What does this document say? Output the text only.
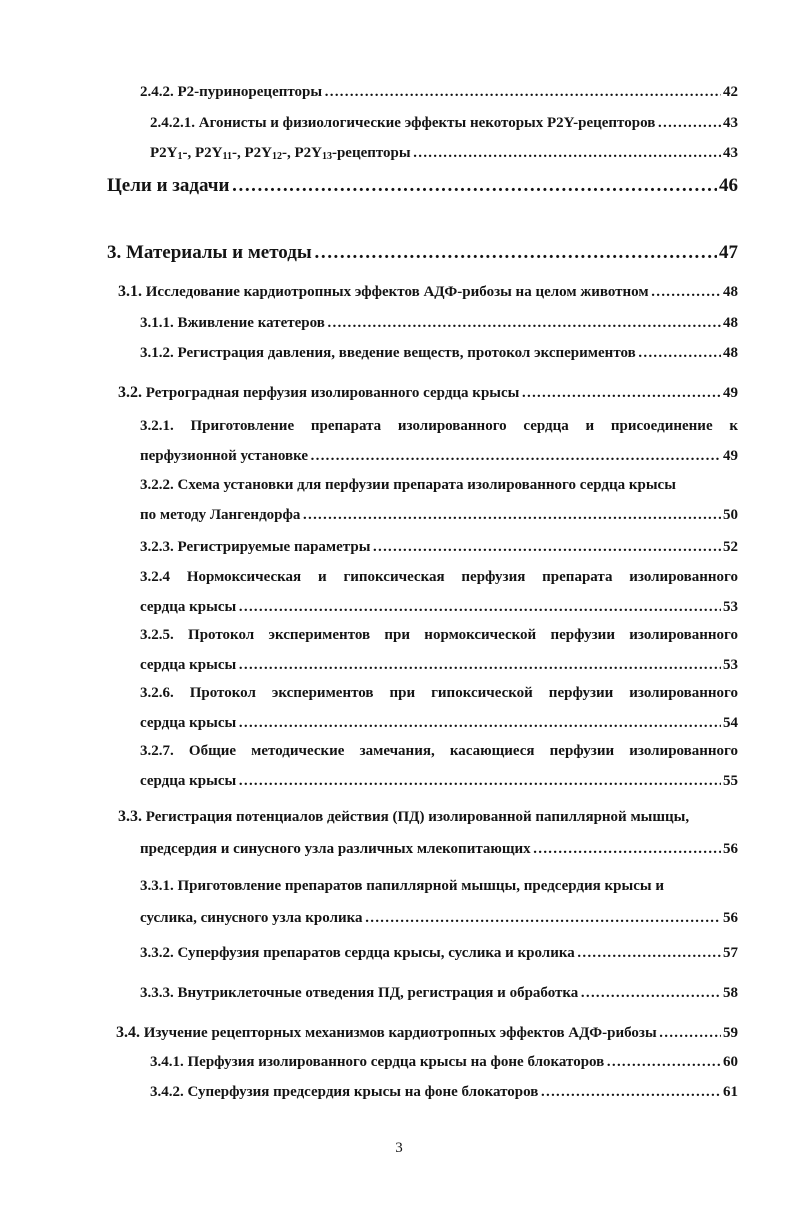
2.4.2. P2-пуринорецепторы ……………………………………………………………………………………………………………………………………………………………………………………	42
2.4.2.1. Агонисты и физиологические эффекты некоторых P2Y-рецепторов ……………………………………………………………………………………………………………………………………………………………………………………	43
$P2Y_1-$, $P2Y_{11}-$, $P2Y_{12}-$, $P2Y_{13}$-рецепторы ……………………………………………………………………………………………………………………………………………………………………………………	43
Цели и задачи ……………………………………………………………………………………………………………………………………………………………………………………	46
3. Материалы и методы ……………………………………………………………………………………………………………………………………………………………………………………	47
3.1. Исследование кардиотропных эффектов АДФ-рибозы на целом животном ……………………………………………………………………………………………………………………………………………………………………………………	48
3.1.1. Вживление катетеров ……………………………………………………………………………………………………………………………………………………………………………………	48
3.1.2. Регистрация давления, введение веществ, протокол экспериментов ……………………………………………………………………………………………………………………………………………………………………………………	48
3.2. Ретроградная перфузия изолированного сердца крысы ……………………………………………………………………………………………………………………………………………………………………………………	49
3.2.1. Приготовление препарата изолированного сердца и присоединение к
перфузионной установке ……………………………………………………………………………………………………………………………………………………………………………………	49
3.2.2. Схема установки для перфузии препарата изолированного сердца крысы
по методу Лангендорфа ……………………………………………………………………………………………………………………………………………………………………………………	50
3.2.3. Регистрируемые параметры ……………………………………………………………………………………………………………………………………………………………………………………	52
3.2.4 Нормоксическая и гипоксическая перфузия препарата изолированного
сердца крысы ……………………………………………………………………………………………………………………………………………………………………………………	53
3.2.5. Протокол экспериментов при нормоксической перфузии изолированного
сердца крысы ……………………………………………………………………………………………………………………………………………………………………………………	53
3.2.6. Протокол экспериментов при гипоксической перфузии изолированного
сердца крысы ……………………………………………………………………………………………………………………………………………………………………………………	54
3.2.7. Общие методические замечания, касающиеся перфузии изолированного
сердца крысы ……………………………………………………………………………………………………………………………………………………………………………………	55
3.3. Регистрация потенциалов действия (ПД) изолированной папиллярной мышцы,
предсердия и синусного узла различных млекопитающих ……………………………………………………………………………………………………………………………………………………………………………………	56
3.3.1. Приготовление препаратов папиллярной мышцы, предсердия крысы и
суслика, синусного узла кролика ……………………………………………………………………………………………………………………………………………………………………………………	56
3.3.2. Суперфузия препаратов сердца крысы, суслика и кролика ……………………………………………………………………………………………………………………………………………………………………………………	57
3.3.3. Внутриклеточные отведения ПД, регистрация и обработка ……………………………………………………………………………………………………………………………………………………………………………………	58
3.4. Изучение рецепторных механизмов кардиотропных эффектов АДФ-рибозы ……………………………………………………………………………………………………………………………………………………………………………………	59
3.4.1. Перфузия изолированного сердца крысы на фоне блокаторов ……………………………………………………………………………………………………………………………………………………………………………………	60
3.4.2. Суперфузия предсердия крысы на фоне блокаторов ……………………………………………………………………………………………………………………………………………………………………………………	61
3
